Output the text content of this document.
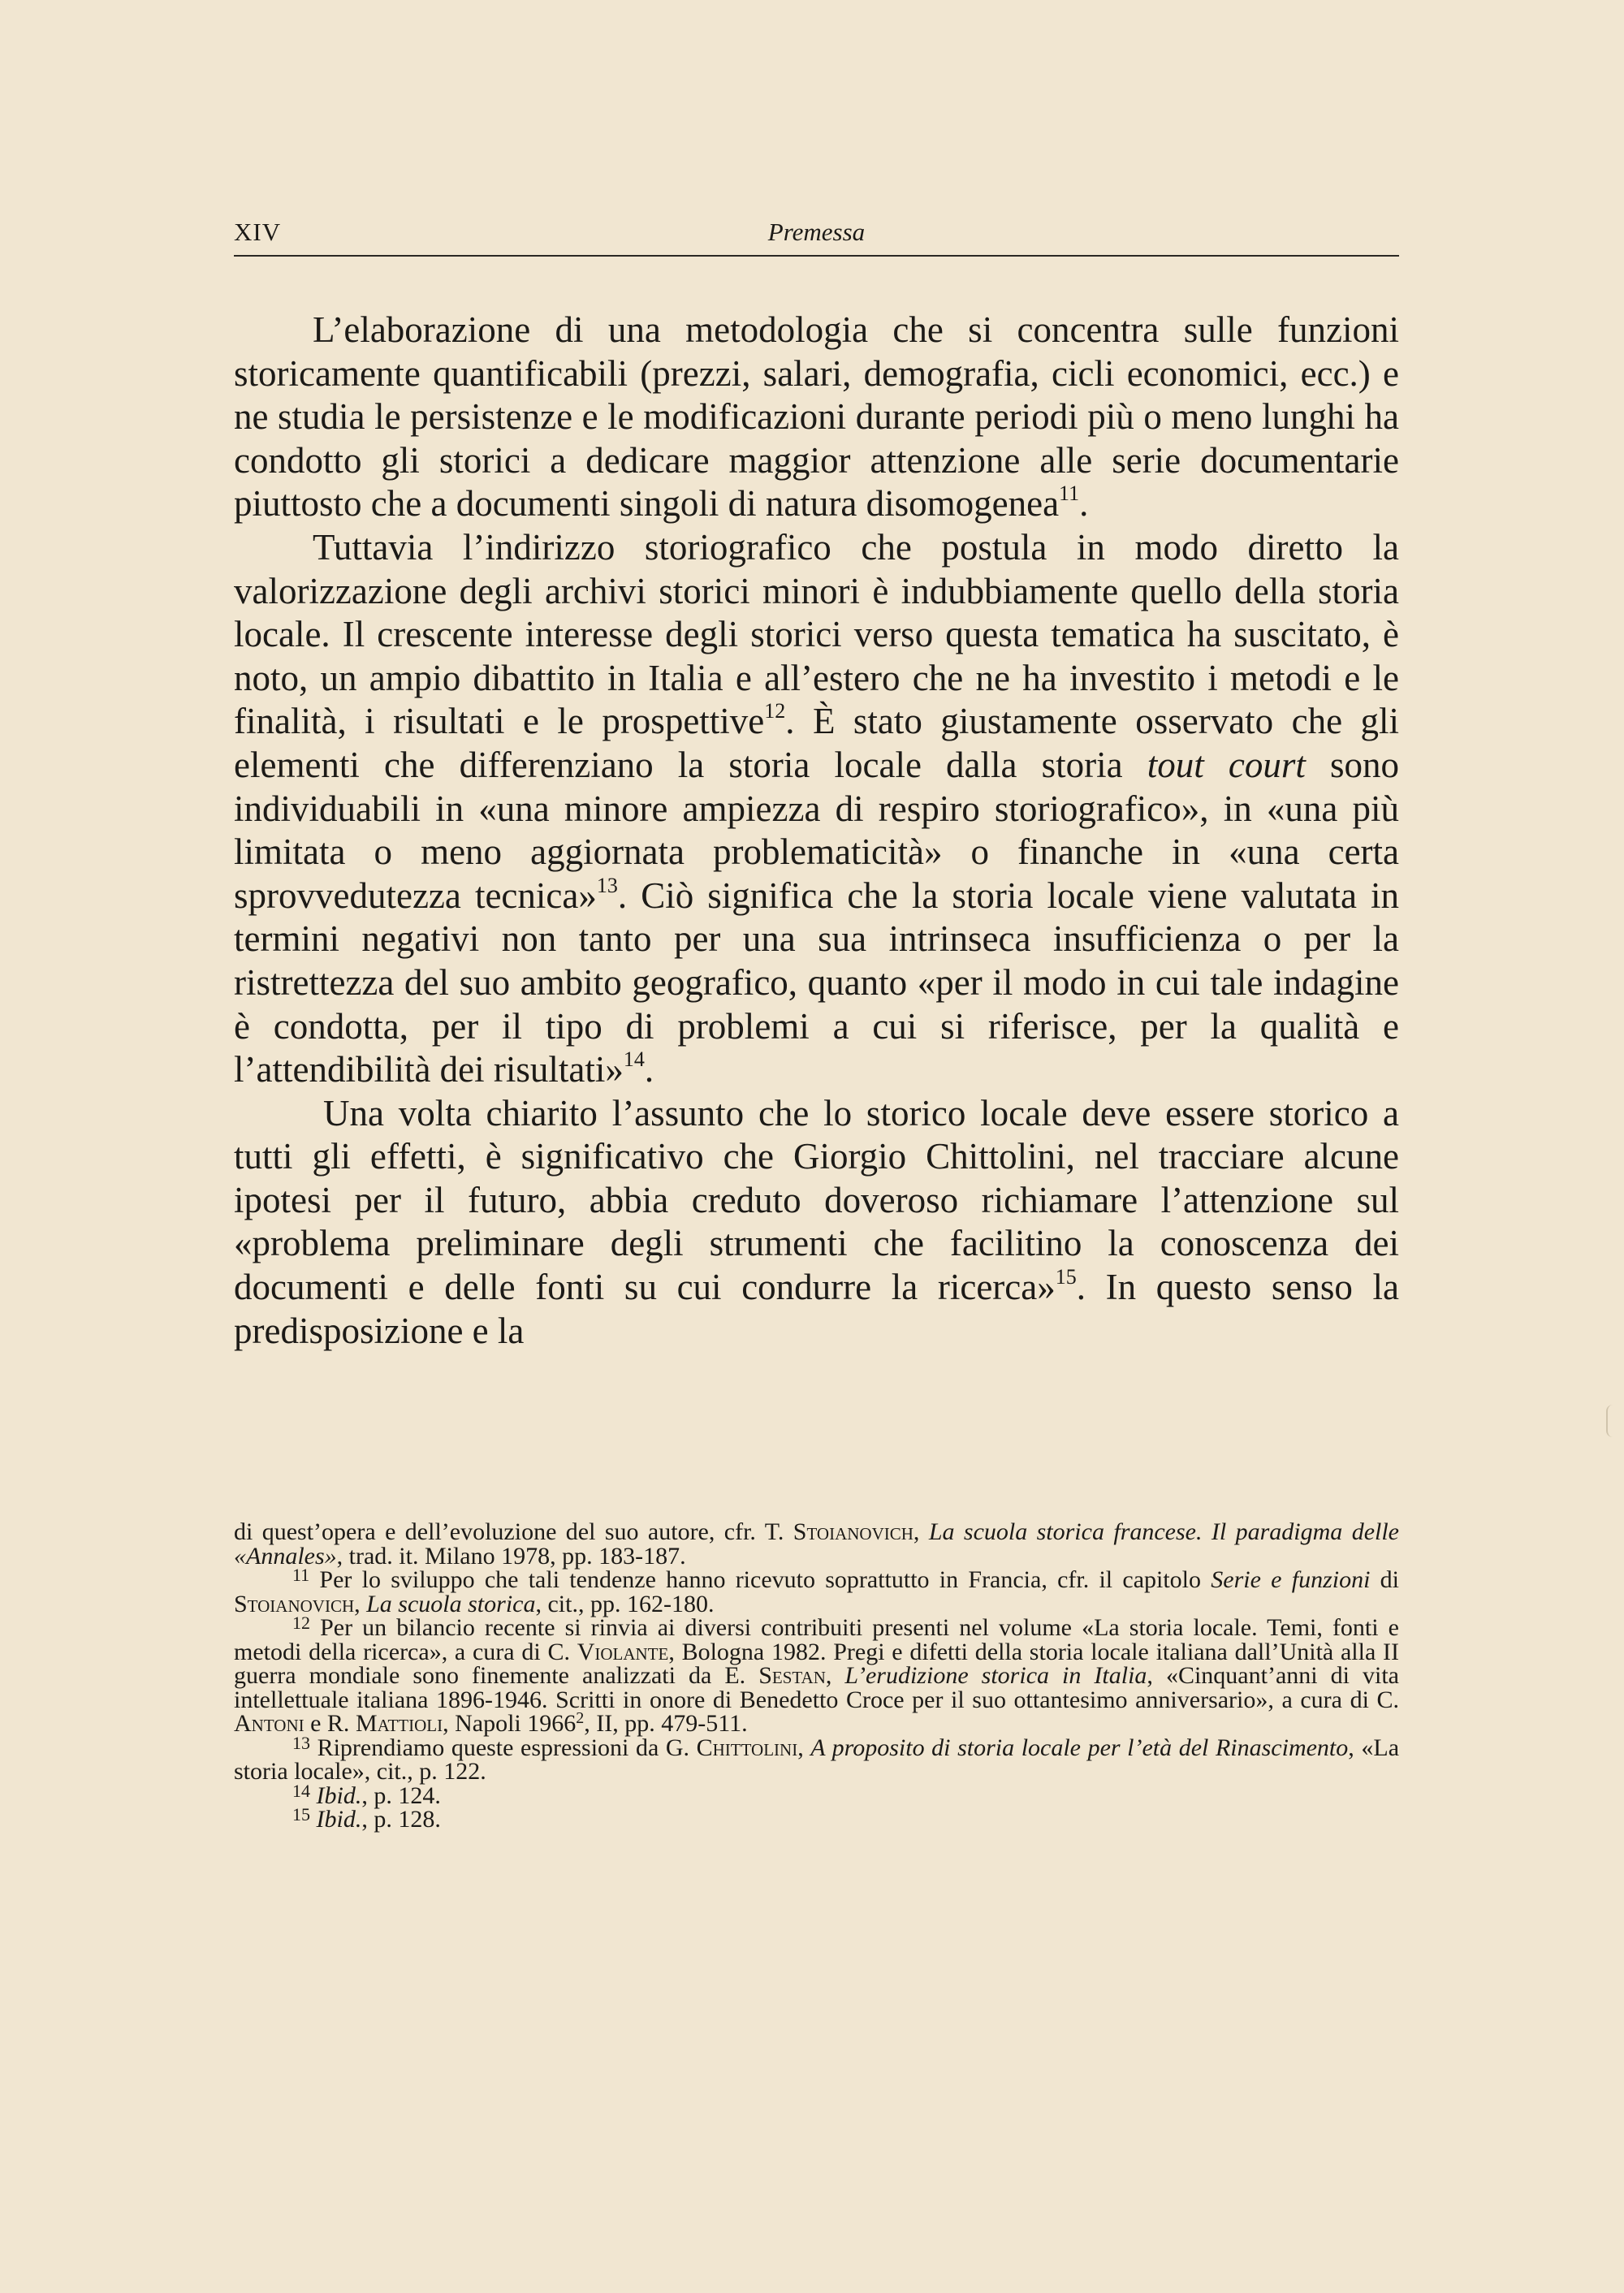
XIV	Premessa

L’elaborazione di una metodologia che si concentra sulle funzioni storicamente quantificabili (prezzi, salari, demografia, cicli economici, ecc.) e ne studia le persistenze e le modificazioni durante periodi più o meno lunghi ha condotto gli storici a dedicare maggior attenzione alle serie documentarie piuttosto che a documenti singoli di natura disomogenea$^{11}$.

Tuttavia l’indirizzo storiografico che postula in modo diretto la valorizzazione degli archivi storici minori è indubbiamente quello della storia locale. Il crescente interesse degli storici verso questa tematica ha suscitato, è noto, un ampio dibattito in Italia e all’estero che ne ha investito i metodi e le finalità, i risultati e le prospettive$^{12}$. È stato giustamente osservato che gli elementi che differenziano la storia locale dalla storia tout court sono individuabili in «una minore ampiezza di respiro storiografico», in «una più limitata o meno aggiornata problematicità» o finanche in «una certa sprovvedutezza tecnica»$^{13}$. Ciò significa che la storia locale viene valutata in termini negativi non tanto per una sua intrinseca insufficienza o per la ristrettezza del suo ambito geografico, quanto «per il modo in cui tale indagine è condotta, per il tipo di problemi a cui si riferisce, per la qualità e l’attendibilità dei risultati»$^{14}$.

Una volta chiarito l’assunto che lo storico locale deve essere storico a tutti gli effetti, è significativo che Giorgio Chittolini, nel tracciare alcune ipotesi per il futuro, abbia creduto doveroso richiamare l’attenzione sul «problema preliminare degli strumenti che facilitino la conoscenza dei documenti e delle fonti su cui condurre la ricerca»$^{15}$. In questo senso la predisposizione e la

di quest’opera e dell’evoluzione del suo autore, cfr. T. Stoianovich, La scuola storica francese. Il paradigma delle «Annales», trad. it. Milano 1978, pp. 183-187.

$^{11}$ Per lo sviluppo che tali tendenze hanno ricevuto soprattutto in Francia, cfr. il capitolo Serie e funzioni di Stoianovich, La scuola storica, cit., pp. 162-180.

$^{12}$ Per un bilancio recente si rinvia ai diversi contribuiti presenti nel volume «La storia locale. Temi, fonti e metodi della ricerca», a cura di C. Violante, Bologna 1982. Pregi e difetti della storia locale italiana dall’Unità alla II guerra mondiale sono finemente analizzati da E. Sestan, L’erudizione storica in Italia, «Cinquant’anni di vita intellettuale italiana 1896-1946. Scritti in onore di Benedetto Croce per il suo ottantesimo anniversario», a cura di C. Antoni e R. Mattioli, Napoli 1966$^2$, II, pp. 479-511.

$^{13}$ Riprendiamo queste espressioni da G. Chittolini, A proposito di storia locale per l’età del Rinascimento, «La storia locale», cit., p. 122.

$^{14}$ Ibid., p. 124.

$^{15}$ Ibid., p. 128.
